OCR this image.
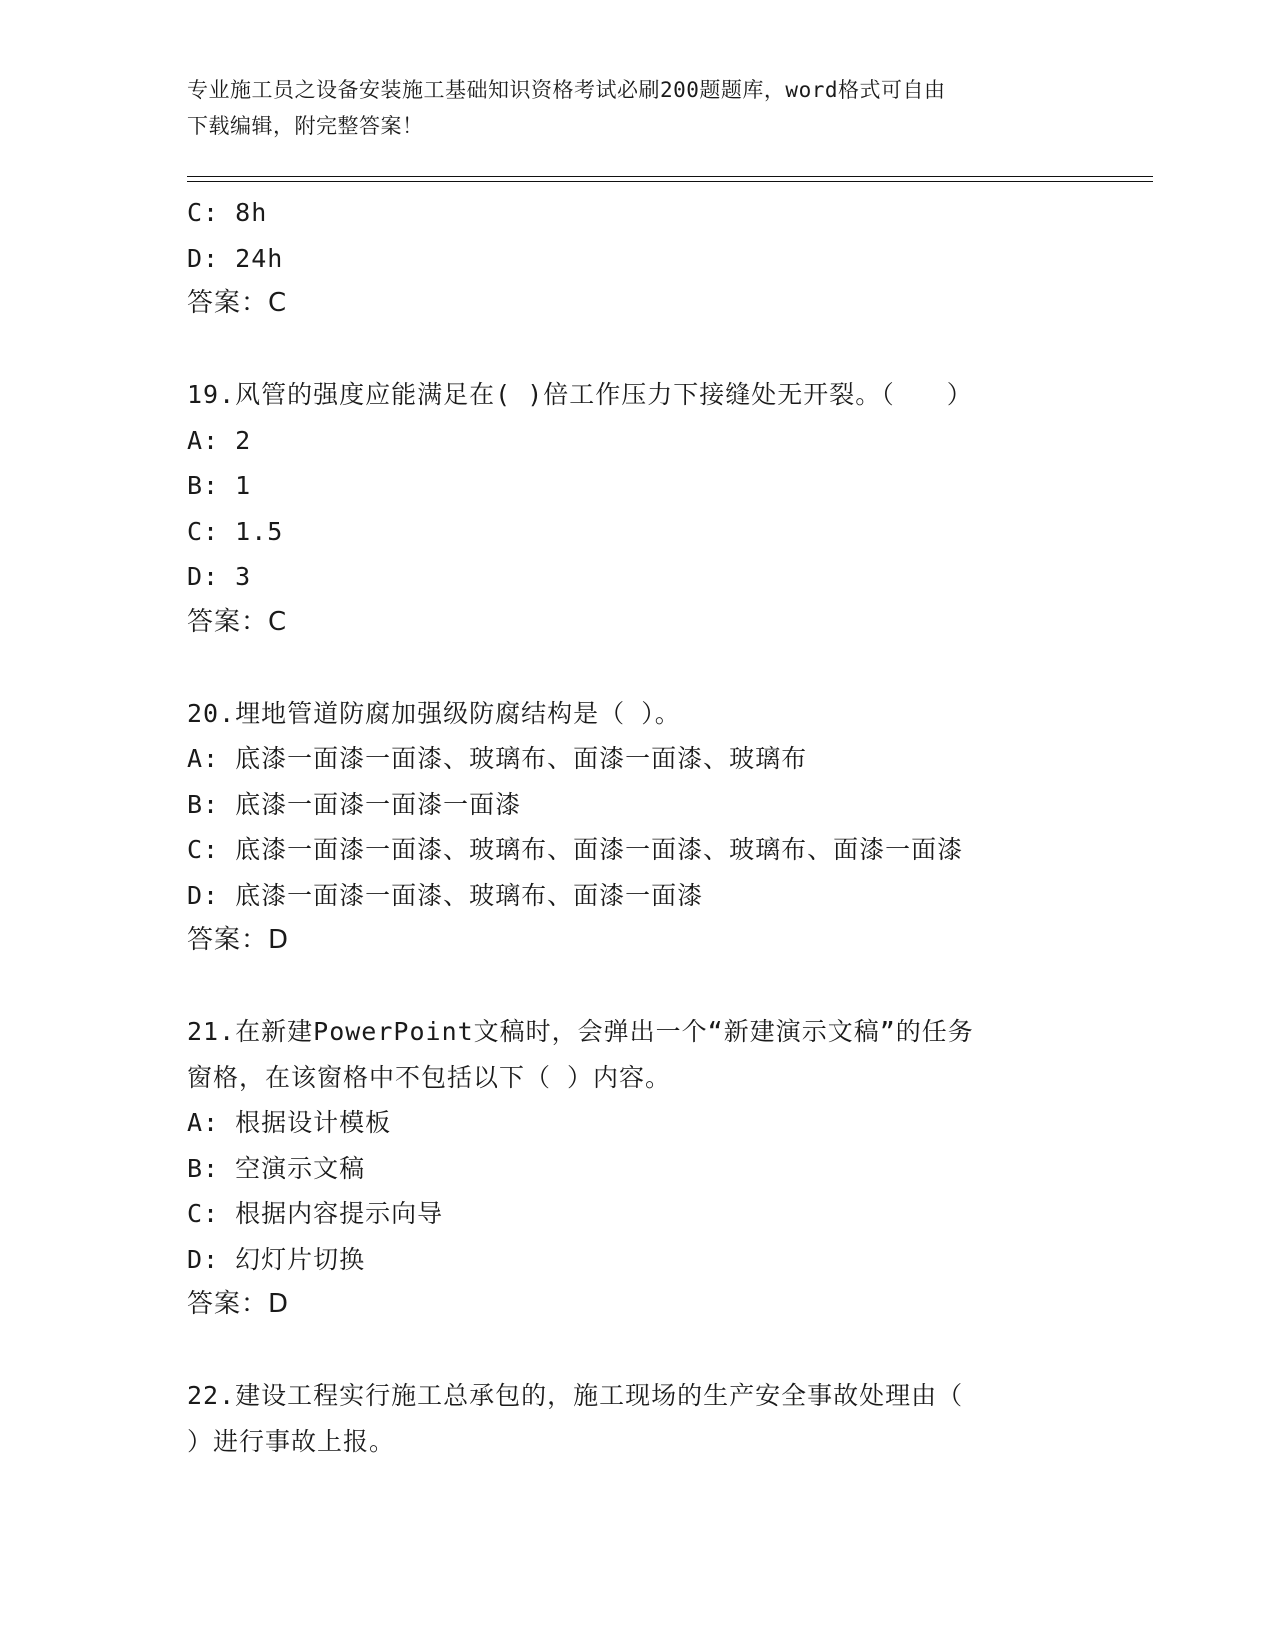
专业施工员之设备安装施工基础知识资格考试必刷200题题库，word格式可自由
下载编辑，附完整答案！
C: 8h
D: 24h
答案：C
19.风管的强度应能满足在( )倍工作压力下接缝处无开裂。（　　）
A: 2
B: 1
C: 1.5
D: 3
答案：C
20.埋地管道防腐加强级防腐结构是（ ）。
A: 底漆一面漆一面漆、玻璃布、面漆一面漆、玻璃布
B: 底漆一面漆一面漆一面漆
C: 底漆一面漆一面漆、玻璃布、面漆一面漆、玻璃布、面漆一面漆
D: 底漆一面漆一面漆、玻璃布、面漆一面漆
答案：D
21.在新建PowerPoint文稿时，会弹出一个“新建演示文稿”的任务
窗格，在该窗格中不包括以下（ ）内容。
A: 根据设计模板
B: 空演示文稿
C: 根据内容提示向导
D: 幻灯片切换
答案：D
22.建设工程实行施工总承包的，施工现场的生产安全事故处理由（
）进行事故上报。
